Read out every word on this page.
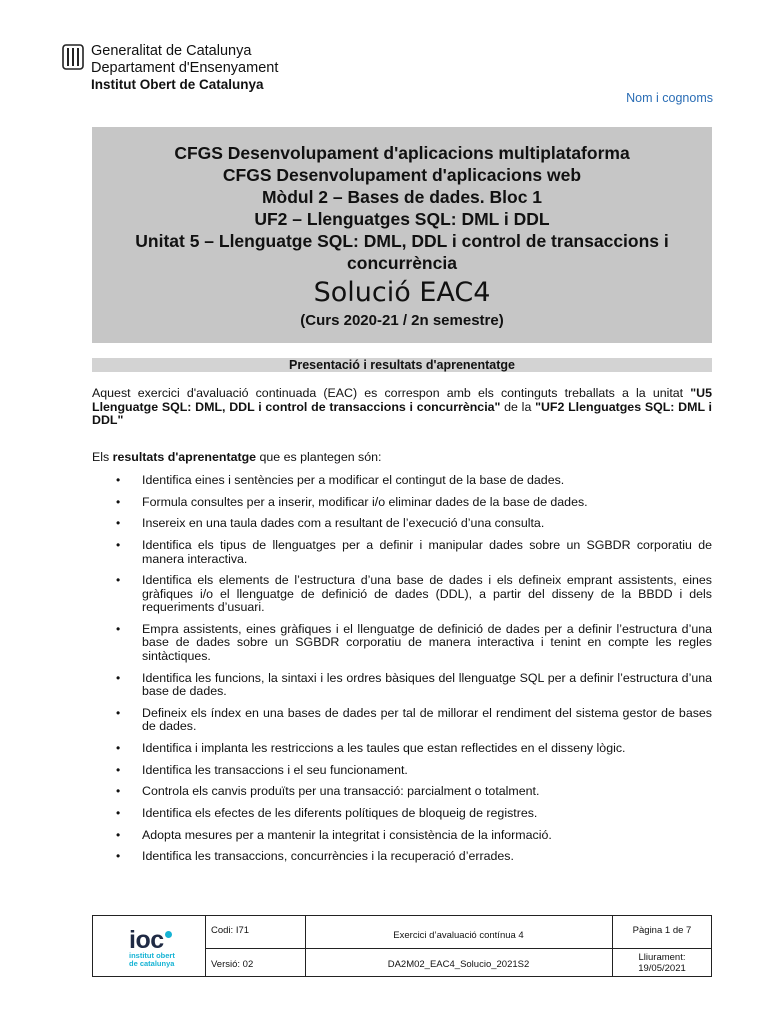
Generalitat de Catalunya
Departament d'Ensenyament
Institut Obert de Catalunya
Nom i cognoms
CFGS Desenvolupament d'aplicacions multiplataforma
CFGS Desenvolupament d'aplicacions web
Mòdul 2 – Bases de dades. Bloc 1
UF2 – Llenguatges SQL: DML i DDL
Unitat 5 – Llenguatge SQL: DML, DDL i control de transaccions i concurrència
Solució EAC4
(Curs 2020-21 / 2n semestre)
Presentació i resultats d'aprenentatge
Aquest exercici d'avaluació continuada (EAC) es correspon amb els continguts treballats a la unitat "U5 Llenguatge SQL: DML, DDL i control de transaccions i concurrència" de la "UF2 Llenguatges SQL: DML i DDL"
Els resultats d'aprenentatge que es plantegen són:
• Identifica eines i sentències per a modificar el contingut de la base de dades.
• Formula consultes per a inserir, modificar i/o eliminar dades de la base de dades.
• Insereix en una taula dades com a resultant de l’execució d’una consulta.
• Identifica els tipus de llenguatges per a definir i manipular dades sobre un SGBDR corporatiu de manera interactiva.
• Identifica els elements de l’estructura d’una base de dades i els defineix emprant assistents, eines gràfiques i/o el llenguatge de definició de dades (DDL), a partir del disseny de la BBDD i dels requeriments d’usuari.
• Empra assistents, eines gràfiques i el llenguatge de definició de dades per a definir l’estructura d’una base de dades sobre un SGBDR corporatiu de manera interactiva i tenint en compte les regles sintàctiques.
• Identifica les funcions, la sintaxi i les ordres bàsiques del llenguatge SQL per a definir l’estructura d’una base de dades.
• Defineix els índex en una bases de dades per tal de millorar el rendiment del sistema gestor de bases de dades.
• Identifica i implanta les restriccions a les taules que estan reflectides en el disseny lògic.
• Identifica les transaccions i el seu funcionament.
• Controla els canvis produïts per una transacció: parcialment o totalment.
• Identifica els efectes de les diferents polítiques de bloqueig de registres.
• Adopta mesures per a mantenir la integritat i consistència de la informació.
• Identifica les transaccions, concurrències i la recuperació d’errades.
ioc
institut obert
de catalunya
Codi: I71
Versió: 02
Exercici d’avaluació contínua 4
DA2M02_EAC4_Solucio_2021S2
Pàgina 1 de 7
Lliurament:
19/05/2021
